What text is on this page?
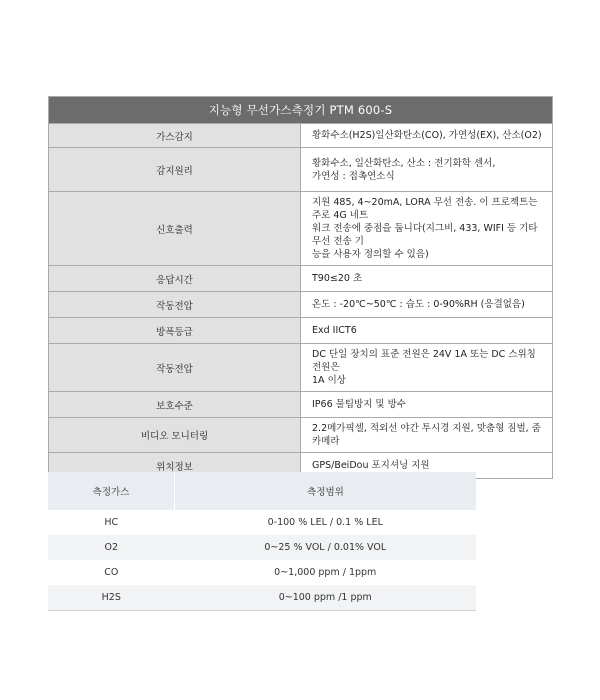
지능형 무선가스측정기 PTM 600-S	
가스감지	황화수소(H2S)일산화탄소(CO), 가연성(EX), 산소(O2)
감지원리	황화수소, 일산화탄소, 산소 : 전기화학 센서,
가연성 : 접촉연소식
신호출력	지원 485, 4~20mA, LORA 무선 전송. 이 프로젝트는 주로 4G 네트
워크 전송에 중점을 둡니다(지그비, 433, WIFI 등 기타 무선 전송 기
능을 사용자 정의할 수 있음)
응답시간	T90≤20 초
작동전압	온도 : -20℃~50℃ : 습도 : 0-90%RH (응결없음)
방폭등급	Exd IICT6
작동전압	DC 단일 장치의 표준 전원은 24V 1A 또는 DC 스위칭 전원은
1A 이상
보호수준	IP66 물팀방지 및 방수
비디오 모니터링	2.2메가픽셀, 적외선 야간 투시경 지원, 맞춤형 짐벌, 줌 카메라
위치정보	GPS/BeiDou 포지셔닝 지원
측정가스	측정범위
HC	0-100 % LEL / 0.1 % LEL
O2	0~25 % VOL / 0.01% VOL
CO	0~1,000 ppm / 1ppm
H2S	0~100 ppm /1 ppm
